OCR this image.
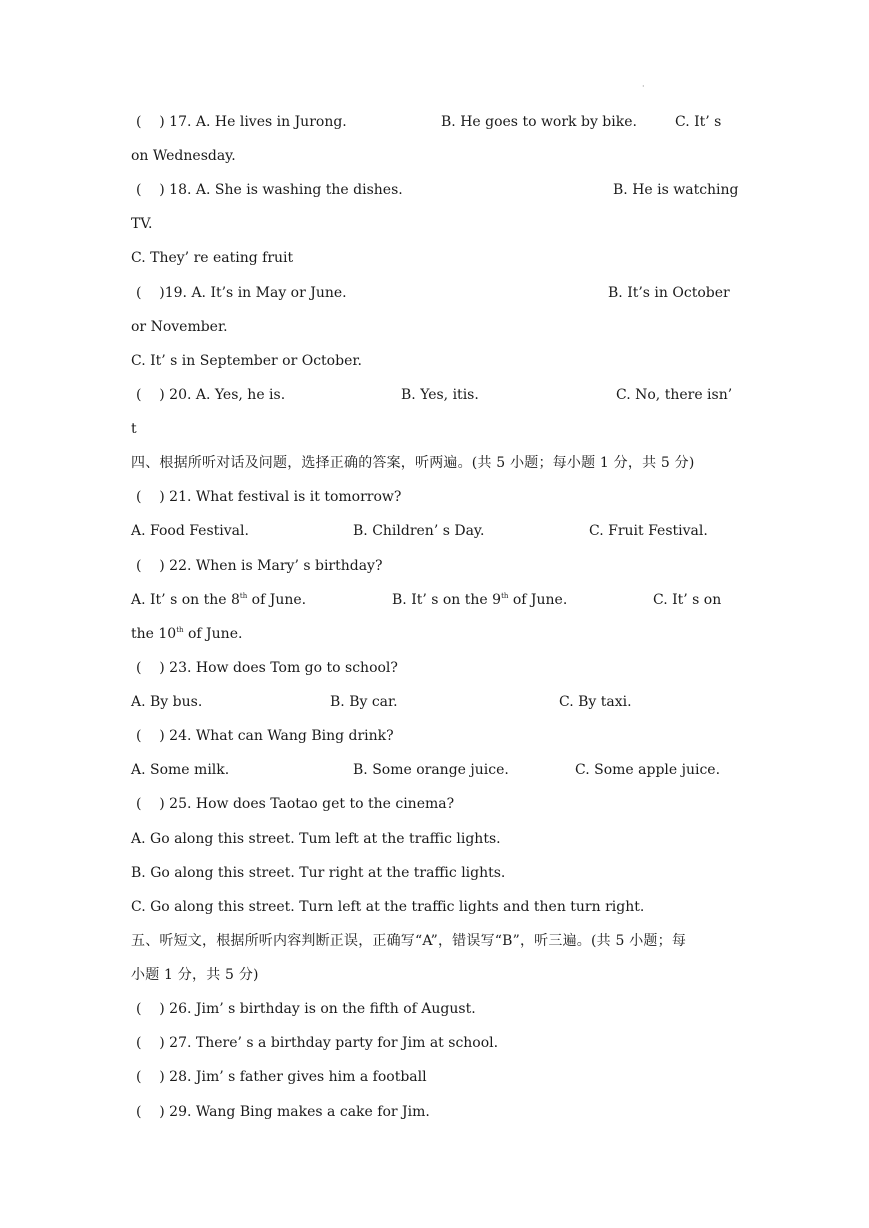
·
(    ) 17. A. He lives in Jurong.	B. He goes to work by bike.	C. It’ s
on Wednesday.
(    ) 18. A. She is washing the dishes.	B. He is watching
TV.
C. They’ re eating fruit
(    )19. A. It’s in May or June.	B. It’s in October
or November.
C. It’ s in September or October.
(    ) 20. A. Yes, he is.	B. Yes, itis.	C. No, there isn’
t
四、根据所听对话及问题，选择正确的答案，听两遍。(共 5 小题；每小题 1 分，共 5 分)
(    ) 21. What festival is it tomorrow?
A. Food Festival.	B. Children’ s Day.	C. Fruit Festival.
(    ) 22. When is Mary’ s birthday?
A. It’ s on the 8th of June.	B. It’ s on the 9th of June.	C. It’ s on
the 10th of June.
(    ) 23. How does Tom go to school?
A. By bus.	B. By car.	C. By taxi.
(    ) 24. What can Wang Bing drink?
A. Some milk.	B. Some orange juice.	C. Some apple juice.
(    ) 25. How does Taotao get to the cinema?
A. Go along this street. Tum left at the traffic lights.
B. Go along this street. Tur right at the traffic lights.
C. Go along this street. Turn left at the traffic lights and then turn right.
五、听短文，根据所听内容判断正误，正确写“A”，错误写“B”，听三遍。(共 5 小题；每
小题 1 分，共 5 分)
(    ) 26. Jim’ s birthday is on the fifth of August.
(    ) 27. There’ s a birthday party for Jim at school.
(    ) 28. Jim’ s father gives him a football
(    ) 29. Wang Bing makes a cake for Jim.
